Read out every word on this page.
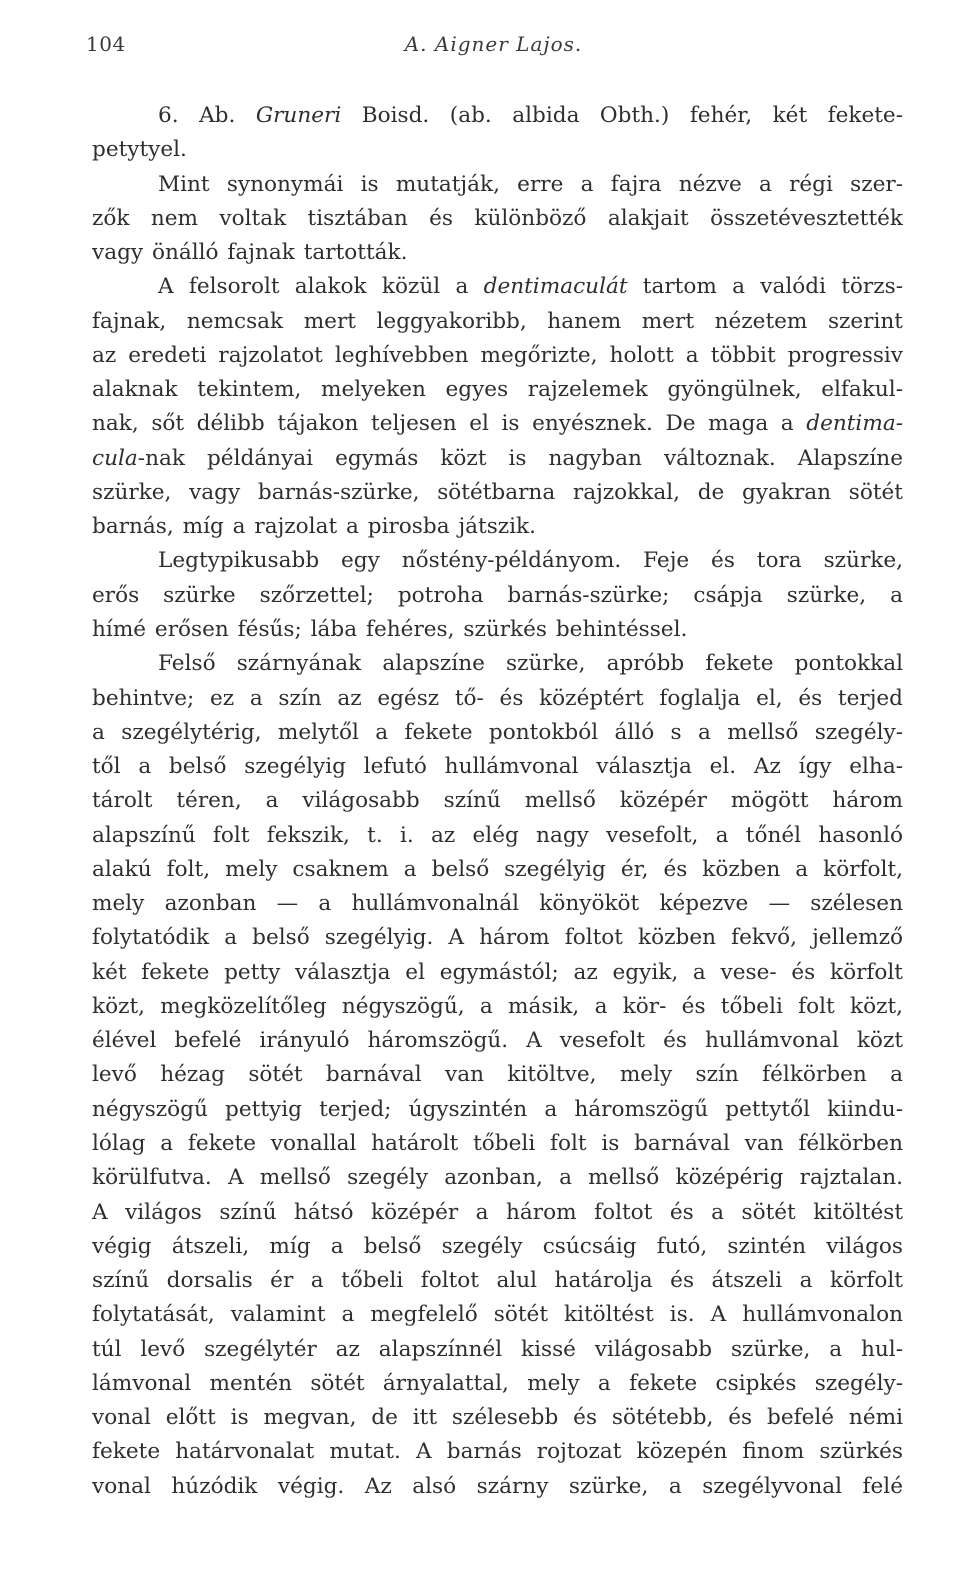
104	A. Aigner Lajos.
6. Ab. Gruneri Boisd. (ab. albida Obth.) fehér, két fekete-
petytyel.
Mint synonymái is mutatják, erre a fajra nézve a régi szer-
zők nem voltak tisztában és különböző alakjait összetévesztették
vagy önálló fajnak tartották.
A felsorolt alakok közül a dentimaculát tartom a valódi törzs-
fajnak, nemcsak mert leggyakoribb, hanem mert nézetem szerint
az eredeti rajzolatot leghívebben megőrizte, holott a többit progressiv
alaknak tekintem, melyeken egyes rajzelemek gyöngülnek, elfakul-
nak, sőt délibb tájakon teljesen el is enyésznek. De maga a dentima-
cula-nak példányai egymás közt is nagyban változnak. Alapszíne
szürke, vagy barnás-szürke, sötétbarna rajzokkal, de gyakran sötét
barnás, míg a rajzolat a pirosba játszik.
Legtypikusabb egy nőstény-példányom. Feje és tora szürke,
erős szürke szőrzettel; potroha barnás-szürke; csápja szürke, a
hímé erősen fésűs; lába fehéres, szürkés behintéssel.
Felső szárnyának alapszíne szürke, apróbb fekete pontokkal
behintve; ez a szín az egész tő- és középtért foglalja el, és terjed
a szegélytérig, melytől a fekete pontokból álló s a mellső szegély-
től a belső szegélyig lefutó hullámvonal választja el. Az így elha-
tárolt téren, a világosabb színű mellső középér mögött három
alapszínű folt fekszik, t. i. az elég nagy vesefolt, a tőnél hasonló
alakú folt, mely csaknem a belső szegélyig ér, és közben a körfolt,
mely azonban — a hullámvonalnál könyököt képezve — szélesen
folytatódik a belső szegélyig. A három foltot közben fekvő, jellemző
két fekete petty választja el egymástól; az egyik, a vese- és körfolt
közt, megközelítőleg négyszögű, a másik, a kör- és tőbeli folt közt,
élével befelé irányuló háromszögű. A vesefolt és hullámvonal közt
levő hézag sötét barnával van kitöltve, mely szín félkörben a
négyszögű pettyig terjed; úgyszintén a háromszögű pettytől kiindu-
lólag a fekete vonallal határolt tőbeli folt is barnával van félkörben
körülfutva. A mellső szegély azonban, a mellső középérig rajztalan.
A világos színű hátsó középér a három foltot és a sötét kitöltést
végig átszeli, míg a belső szegély csúcsáig futó, szintén világos
színű dorsalis ér a tőbeli foltot alul határolja és átszeli a körfolt
folytatását, valamint a megfelelő sötét kitöltést is. A hullámvonalon
túl levő szegélytér az alapszínnél kissé világosabb szürke, a hul-
lámvonal mentén sötét árnyalattal, mely a fekete csipkés szegély-
vonal előtt is megvan, de itt szélesebb és sötétebb, és befelé némi
fekete határvonalat mutat. A barnás rojtozat közepén finom szürkés
vonal húzódik végig. Az alsó szárny szürke, a szegélyvonal felé
